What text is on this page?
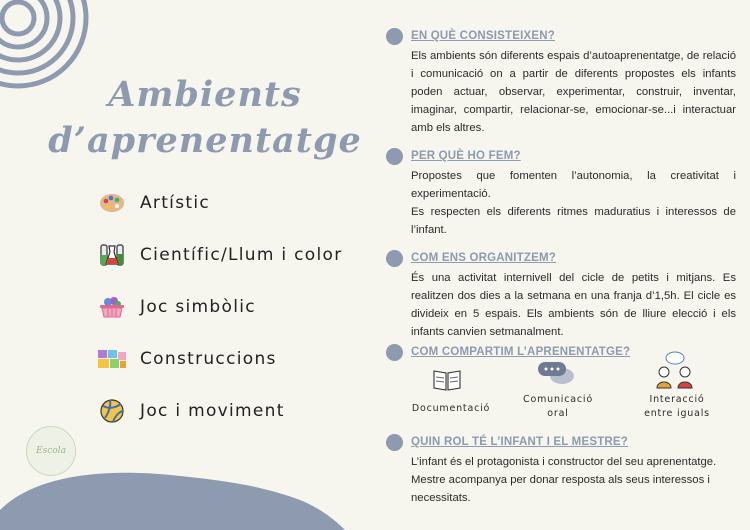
Escola
Ambients
d’aprenentatge
Artístic
Científic/Llum i color
Joc simbòlic
Construccions
Joc i moviment
EN QUÈ CONSISTEIXEN?

Els ambients són diferents espais d’autoaprenentatge, de relació i comunicació on a partir de diferents propostes els infants poden actuar, observar, experimentar, construir, inventar, imaginar, compartir, relacionar-se, emocionar-se...i interactuar amb els altres.

PER QUÈ HO FEM?

Propostes que fomenten l’autonomia, la creativitat i experimentació.

Es respecten els diferents ritmes maduratius i interessos de l’infant.

COM ENS ORGANITZEM?

És una activitat internivell del cicle de petits i mitjans. Es realitzen dos dies a la setmana en una franja d’1,5h. El cicle es divideix en 5 espais. Els ambients són de lliure elecció i els infants canvien setmanalment.

COM COMPARTIM L’APRENENTATGE?
Documentació
Comunicació
oral
Interacció
entre iguals
QUIN ROL TÉ L’INFANT I EL MESTRE?

L’infant és el protagonista i constructor del seu aprenentatge.

Mestre acompanya per donar resposta als seus interessos i necessitats.
